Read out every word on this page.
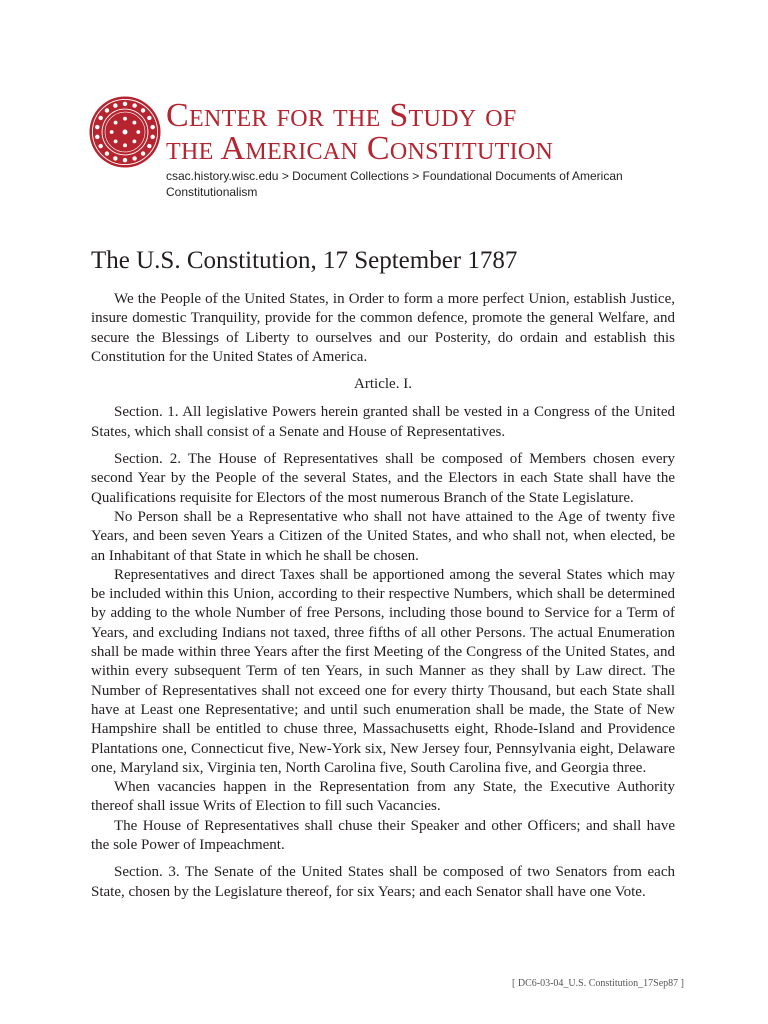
Center for the Study of
the American Constitution
csac.history.wisc.edu > Document Collections > Foundational Documents of American Constitutionalism
The U.S. Constitution, 17 September 1787

We the People of the United States, in Order to form a more perfect Union, establish Justice, insure domestic Tranquility, provide for the common defence, promote the general Welfare, and secure the Blessings of Liberty to ourselves and our Posterity, do ordain and establish this Constitution for the United States of America.

Article. I.

Section. 1. All legislative Powers herein granted shall be vested in a Congress of the United States, which shall consist of a Senate and House of Representatives.

Section. 2. The House of Representatives shall be composed of Members chosen every second Year by the People of the several States, and the Electors in each State shall have the Qualifications requisite for Electors of the most numerous Branch of the State Legislature.

No Person shall be a Representative who shall not have attained to the Age of twenty five Years, and been seven Years a Citizen of the United States, and who shall not, when elected, be an Inhabitant of that State in which he shall be chosen.

Representatives and direct Taxes shall be apportioned among the several States which may be included within this Union, according to their respective Numbers, which shall be determined by adding to the whole Number of free Persons, including those bound to Service for a Term of Years, and excluding Indians not taxed, three fifths of all other Persons. The actual Enumeration shall be made within three Years after the first Meeting of the Congress of the United States, and within every subsequent Term of ten Years, in such Manner as they shall by Law direct. The Number of Representatives shall not exceed one for every thirty Thousand, but each State shall have at Least one Representative; and until such enumeration shall be made, the State of New Hampshire shall be entitled to chuse three, Massachusetts eight, Rhode-Island and Providence Plantations one, Connecticut five, New-York six, New Jersey four, Pennsylvania eight, Delaware one, Maryland six, Virginia ten, North Carolina five, South Carolina five, and Georgia three.

When vacancies happen in the Representation from any State, the Executive Authority thereof shall issue Writs of Election to fill such Vacancies.

The House of Representatives shall chuse their Speaker and other Officers; and shall have the sole Power of Impeachment.

Section. 3. The Senate of the United States shall be composed of two Senators from each State, chosen by the Legislature thereof, for six Years; and each Senator shall have one Vote.

[ DC6-03-04_U.S. Constitution_17Sep87 ]
